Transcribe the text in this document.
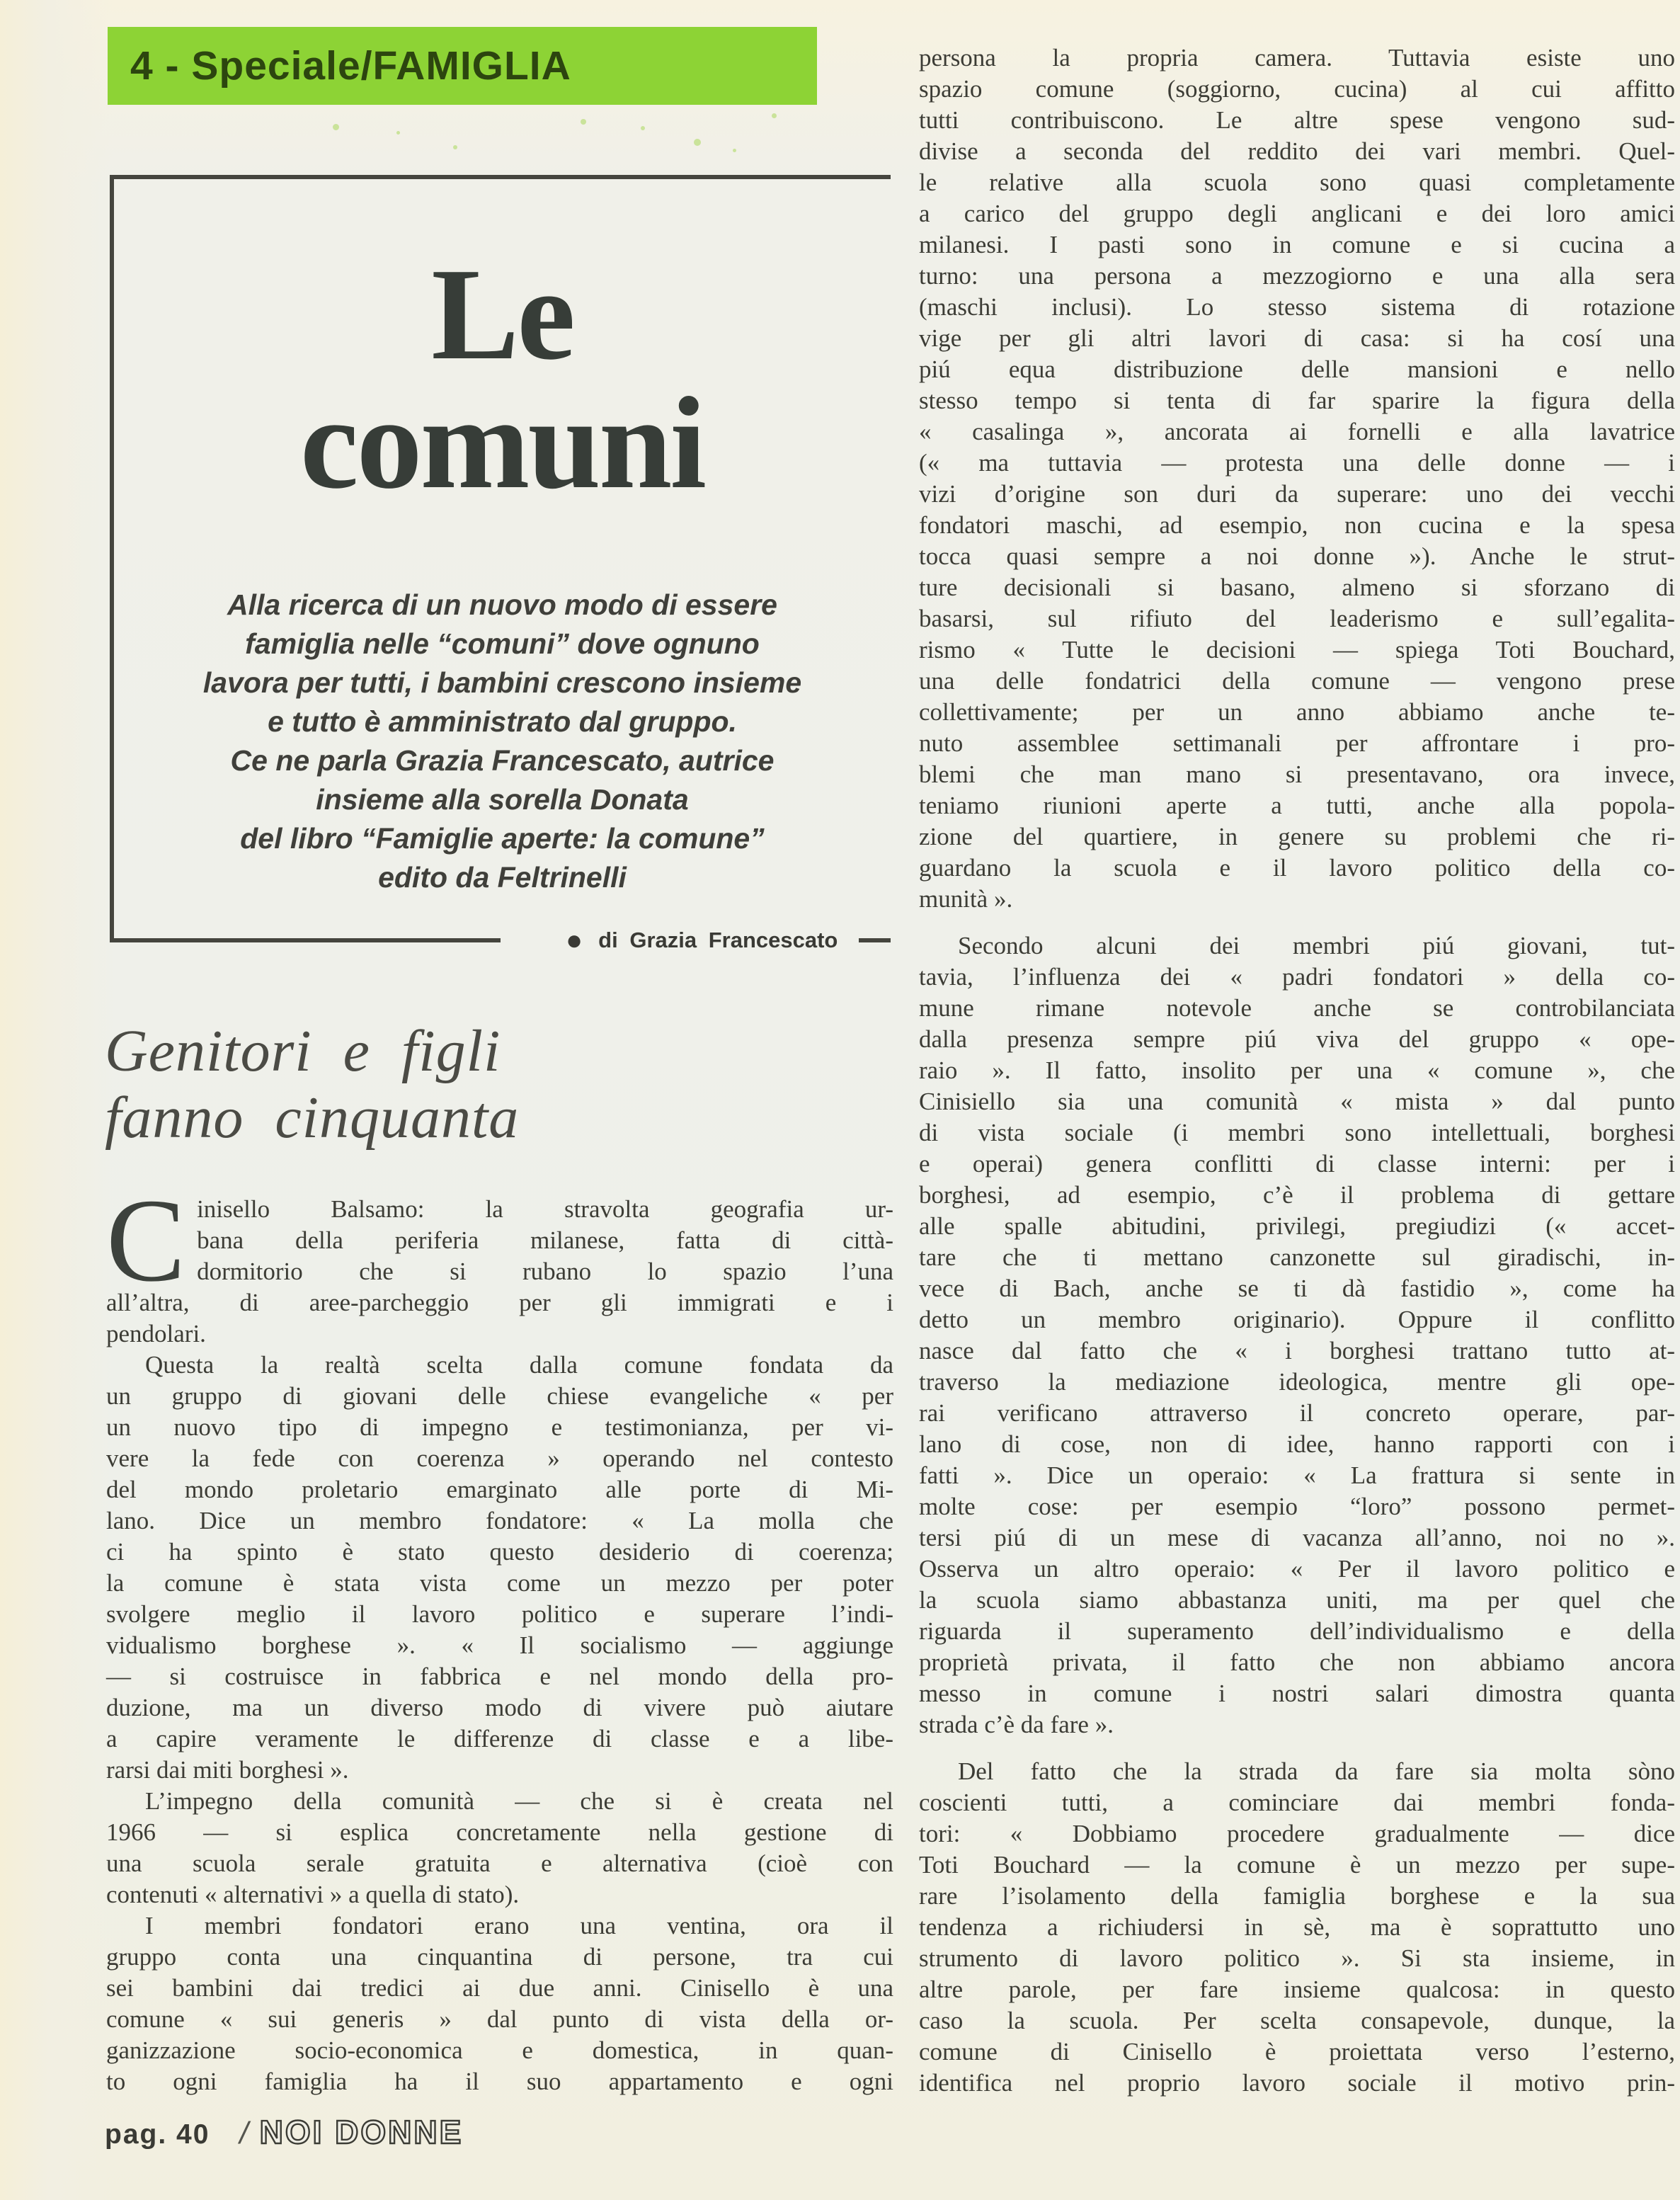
4 - Speciale/FAMIGLIA
Le
comuni
Alla ricerca di un nuovo modo di essere
famiglia nelle “comuni” dove ognuno
lavora per tutti, i bambini crescono insieme
e tutto è amministrato dal gruppo.
Ce ne parla Grazia Francescato, autrice
insieme alla sorella Donata
del libro “Famiglie aperte: la comune”
edito da Feltrinelli
● di Grazia Francescato
Genitori e figli
fanno cinquanta
C inisello Balsamo: la stravolta geografia ur-
bana della periferia milanese, fatta di città-
dormitorio che si rubano lo spazio l’una
all’altra, di aree-parcheggio per gli immigrati e i
pendolari.
Questa la realtà scelta dalla comune fondata da
un gruppo di giovani delle chiese evangeliche « per
un nuovo tipo di impegno e testimonianza, per vi-
vere la fede con coerenza » operando nel contesto
del mondo proletario emarginato alle porte di Mi-
lano. Dice un membro fondatore: « La molla che
ci ha spinto è stato questo desiderio di coerenza;
la comune è stata vista come un mezzo per poter
svolgere meglio il lavoro politico e superare l’indi-
vidualismo borghese ». « Il socialismo — aggiunge
— si costruisce in fabbrica e nel mondo della pro-
duzione, ma un diverso modo di vivere può aiutare
a capire veramente le differenze di classe e a libe-
rarsi dai miti borghesi ».
L’impegno della comunità — che si è creata nel
1966 — si esplica concretamente nella gestione di
una scuola serale gratuita e alternativa (cioè con
contenuti « alternativi » a quella di stato).
I membri fondatori erano una ventina, ora il
gruppo conta una cinquantina di persone, tra cui
sei bambini dai tredici ai due anni. Cinisello è una
comune « sui generis » dal punto di vista della or-
ganizzazione socio-economica e domestica, in quan-
to ogni famiglia ha il suo appartamento e ogni
persona la propria camera. Tuttavia esiste uno
spazio comune (soggiorno, cucina) al cui affitto
tutti contribuiscono. Le altre spese vengono sud-
divise a seconda del reddito dei vari membri. Quel-
le relative alla scuola sono quasi completamente
a carico del gruppo degli anglicani e dei loro amici
milanesi. I pasti sono in comune e si cucina a
turno: una persona a mezzogiorno e una alla sera
(maschi inclusi). Lo stesso sistema di rotazione
vige per gli altri lavori di casa: si ha cosí una
piú equa distribuzione delle mansioni e nello
stesso tempo si tenta di far sparire la figura della
« casalinga », ancorata ai fornelli e alla lavatrice
(« ma tuttavia — protesta una delle donne — i
vizi d’origine son duri da superare: uno dei vecchi
fondatori maschi, ad esempio, non cucina e la spesa
tocca quasi sempre a noi donne »). Anche le strut-
ture decisionali si basano, almeno si sforzano di
basarsi, sul rifiuto del leaderismo e sull’egalita-
rismo « Tutte le decisioni — spiega Toti Bouchard,
una delle fondatrici della comune — vengono prese
collettivamente; per un anno abbiamo anche te-
nuto assemblee settimanali per affrontare i pro-
blemi che man mano si presentavano, ora invece,
teniamo riunioni aperte a tutti, anche alla popola-
zione del quartiere, in genere su problemi che ri-
guardano la scuola e il lavoro politico della co-
munità ».
Secondo alcuni dei membri piú giovani, tut-
tavia, l’influenza dei « padri fondatori » della co-
mune rimane notevole anche se controbilanciata
dalla presenza sempre piú viva del gruppo « ope-
raio ». Il fatto, insolito per una « comune », che
Cinisiello sia una comunità « mista » dal punto
di vista sociale (i membri sono intellettuali, borghesi
e operai) genera conflitti di classe interni: per i
borghesi, ad esempio, c’è il problema di gettare
alle spalle abitudini, privilegi, pregiudizi (« accet-
tare che ti mettano canzonette sul giradischi, in-
vece di Bach, anche se ti dà fastidio », come ha
detto un membro originario). Oppure il conflitto
nasce dal fatto che « i borghesi trattano tutto at-
traverso la mediazione ideologica, mentre gli ope-
rai verificano attraverso il concreto operare, par-
lano di cose, non di idee, hanno rapporti con i
fatti ». Dice un operaio: « La frattura si sente in
molte cose: per esempio “loro” possono permet-
tersi piú di un mese di vacanza all’anno, noi no ».
Osserva un altro operaio: « Per il lavoro politico e
la scuola siamo abbastanza uniti, ma per quel che
riguarda il superamento dell’individualismo e della
proprietà privata, il fatto che non abbiamo ancora
messo in comune i nostri salari dimostra quanta
strada c’è da fare ».
Del fatto che la strada da fare sia molta sòno
coscienti tutti, a cominciare dai membri fonda-
tori: « Dobbiamo procedere gradualmente — dice
Toti Bouchard — la comune è un mezzo per supe-
rare l’isolamento della famiglia borghese e la sua
tendenza a richiudersi in sè, ma è soprattutto uno
strumento di lavoro politico ». Si sta insieme, in
altre parole, per fare insieme qualcosa: in questo
caso la scuola. Per scelta consapevole, dunque, la
comune di Cinisello è proiettata verso l’esterno,
identifica nel proprio lavoro sociale il motivo prin-
pag. 40 / NOI DONNE
